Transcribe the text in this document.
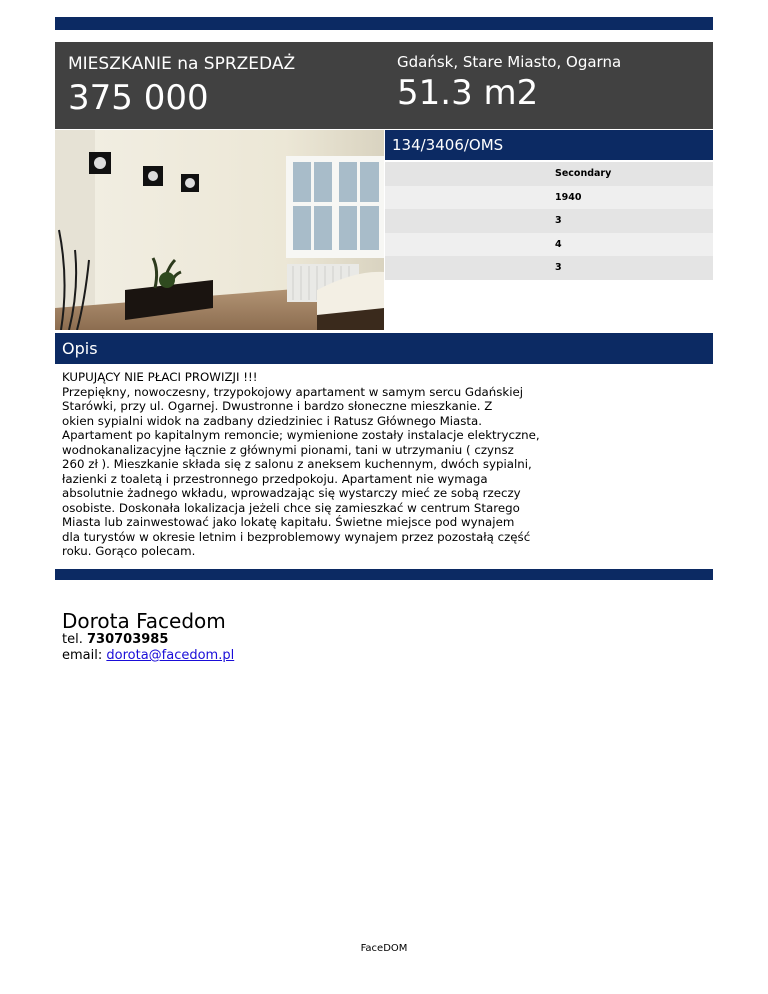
MIESZKANIE na SPRZEDAŻ
375 000
Gdańsk, Stare Miasto, Ogarna
51.3 m2
134/3406/OMS
Secondary
1940
3
4
3
Opis
KUPUJĄCY NIE PŁACI PROWIZJI !!!
Przepiękny, nowoczesny, trzypokojowy apartament w samym sercu Gdańskiej
Starówki, przy ul. Ogarnej. Dwustronne i bardzo słoneczne mieszkanie. Z
okien sypialni widok na zadbany dziedziniec i Ratusz Głównego Miasta.
Apartament po kapitalnym remoncie; wymienione zostały instalacje elektryczne,
wodnokanalizacyjne łącznie z głównymi pionami, tani w utrzymaniu ( czynsz
260 zł ). Mieszkanie składa się z salonu z aneksem kuchennym, dwóch sypialni,
łazienki z toaletą i przestronnego przedpokoju. Apartament nie wymaga
absolutnie żadnego wkładu, wprowadzając się wystarczy mieć ze sobą rzeczy
osobiste. Doskonała lokalizacja jeżeli chce się zamieszkać w centrum Starego
Miasta lub zainwestować jako lokatę kapitału. Świetne miejsce pod wynajem
dla turystów w okresie letnim i bezproblemowy wynajem przez pozostałą część
roku. Gorąco polecam.
Dorota Facedom
tel. 730703985
email: dorota@facedom.pl
FaceDOM
